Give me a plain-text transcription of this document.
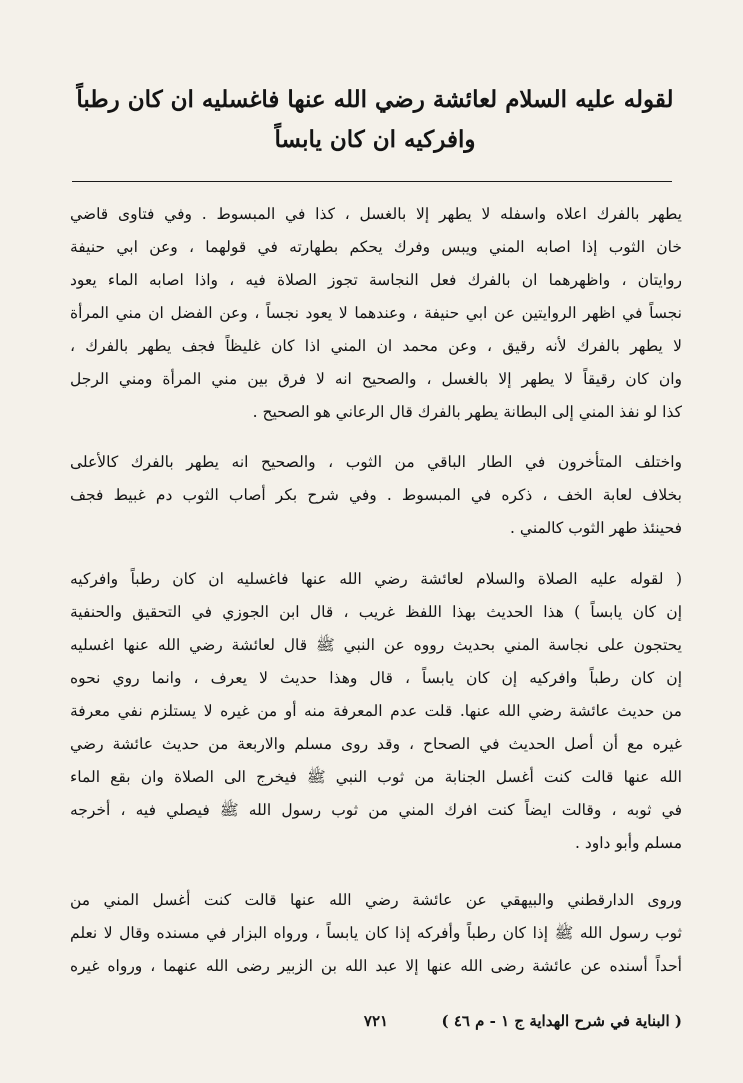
لقوله عليه السلام لعائشة رضي الله عنها فاغسليه ان كان رطباً
وافركيه ان كان يابساً
يطهر بالفرك اعلاه واسفله لا يطهر إلا بالغسل ، كذا في المبسوط . وفي فتاوى قاضي
خان الثوب إذا اصابه المني ويبس وفرك يحكم بطهارته في قولهما ، وعن ابي حنيفة
روايتان ، واظهرهما ان بالفرك فعل النجاسة تجوز الصلاة فيه ، واذا اصابه الماء يعود
نجساً في اظهر الروايتين عن ابي حنيفة ، وعندهما لا يعود نجساً ، وعن الفضل ان مني المرأة
لا يطهر بالفرك لأنه رقيق ، وعن محمد ان المني اذا كان غليظاً فجف يطهر بالفرك ،
وان كان رقيقاً لا يطهر إلا بالغسل ، والصحيح انه لا فرق بين مني المرأة ومني الرجل
كذا لو نفذ المني إلى البطانة يطهر بالفرك قال الرعاني هو الصحيح .
واختلف المتأخرون في الطار الباقي من الثوب ، والصحيح انه يطهر بالفرك كالأعلى
بخلاف لعابة الخف ، ذكره في المبسوط . وفي شرح بكر أصاب الثوب دم غبيط فجف
فحينئذ طهر الثوب كالمني .
( لقوله عليه الصلاة والسلام لعائشة رضي الله عنها فاغسليه ان كان رطباً وافركيه
إن كان يابساً ) هذا الحديث بهذا اللفظ غريب ، قال ابن الجوزي في التحقيق والحنفية
يحتجون على نجاسة المني بحديث رووه عن النبي ﷺ قال لعائشة رضي الله عنها اغسليه
إن كان رطباً وافركيه إن كان يابساً ، قال وهذا حديث لا يعرف ، وانما روي نحوه
من حديث عائشة رضي الله عنها. قلت عدم المعرفة منه أو من غيره لا يستلزم نفي معرفة
غيره مع أن أصل الحديث في الصحاح ، وقد روى مسلم والاربعة من حديث عائشة رضي
الله عنها قالت كنت أغسل الجنابة من ثوب النبي ﷺ فيخرج الى الصلاة وان بقع الماء
في ثوبه ، وقالت ايضاً كنت افرك المني من ثوب رسول الله ﷺ فيصلي فيه ، أخرجه
مسلم وأبو داود .
وروى الدارقطني والبيهقي عن عائشة رضي الله عنها قالت كنت أغسل المني من
ثوب رسول الله ﷺ إذا كان رطباً وأفركه إذا كان يابساً ، ورواه البزار في مسنده وقال لا نعلم
أحداً أسنده عن عائشة رضى الله عنها إلا عبد الله بن الزبير رضى الله عنهما ، ورواه غيره
( البناية في شرح الهداية ج ١ - م ٤٦ )
٧٢١
